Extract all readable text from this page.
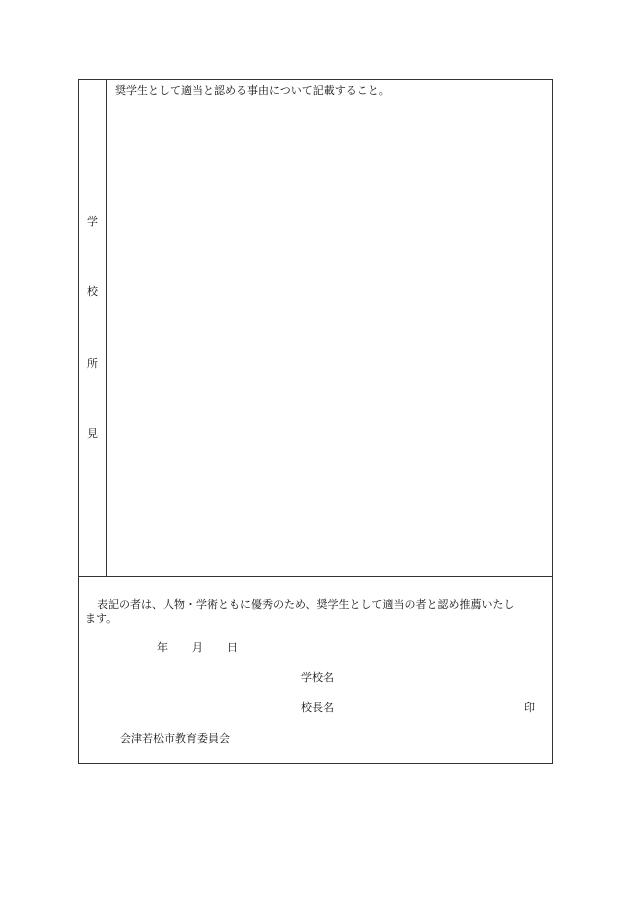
学
校
所
見
奨学生として適当と認める事由について記載すること。
表記の者は、人物・学術ともに優秀のため、奨学生として適当の者と認め推薦いたし
ます。
年 月 日
学校名
校長名	印
会津若松市教育委員会
